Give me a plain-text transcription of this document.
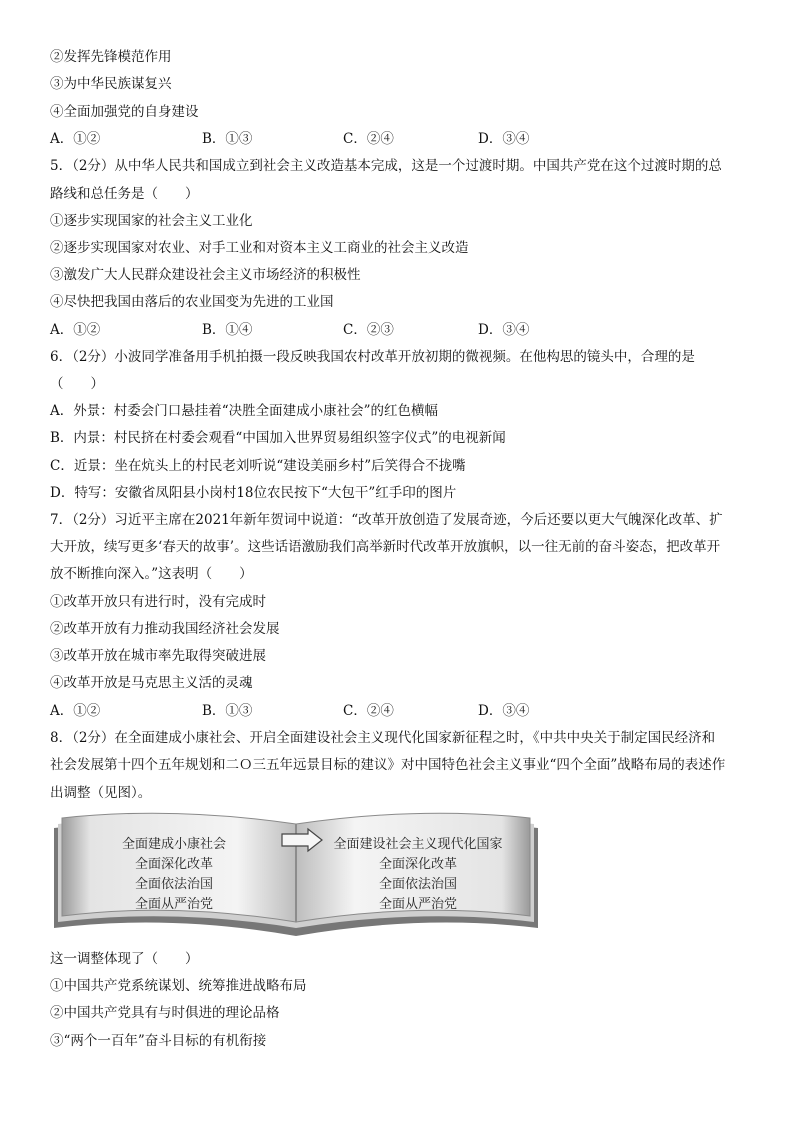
②发挥先锋模范作用
③为中华民族谋复兴
④全面加强党的自身建设
A．①②	B．①③	C．②④	D．③④
5．（2分）从中华人民共和国成立到社会主义改造基本完成，这是一个过渡时期。中国共产党在这个过渡时期的总
路线和总任务是（　　）
①逐步实现国家的社会主义工业化
②逐步实现国家对农业、对手工业和对资本主义工商业的社会主义改造
③激发广大人民群众建设社会主义市场经济的积极性
④尽快把我国由落后的农业国变为先进的工业国
A．①②	B．①④	C．②③	D．③④
6．（2分）小波同学准备用手机拍摄一段反映我国农村改革开放初期的微视频。在他构思的镜头中，合理的是
（　　）
A．外景：村委会门口悬挂着“决胜全面建成小康社会”的红色横幅
B．内景：村民挤在村委会观看“中国加入世界贸易组织签字仪式”的电视新闻
C．近景：坐在炕头上的村民老刘听说“建设美丽乡村”后笑得合不拢嘴
D．特写：安徽省凤阳县小岗村18位农民按下“大包干”红手印的图片
7．（2分）习近平主席在2021年新年贺词中说道：“改革开放创造了发展奇迹，今后还要以更大气魄深化改革、扩
大开放，续写更多‘春天的故事’。这些话语激励我们高举新时代改革开放旗帜，以一往无前的奋斗姿态，把改革开
放不断推向深入。”这表明（　　）
①改革开放只有进行时，没有完成时
②改革开放有力推动我国经济社会发展
③改革开放在城市率先取得突破进展
④改革开放是马克思主义活的灵魂
A．①②	B．①③	C．②④	D．③④
8．（2分）在全面建成小康社会、开启全面建设社会主义现代化国家新征程之时，《中共中央关于制定国民经济和
社会发展第十四个五年规划和二Ｏ三五年远景目标的建议》对中国特色社会主义事业“四个全面”战略布局的表述作
出调整（见图）。
全面建成小康社会
全面深化改革
全面依法治国
全面从严治党
全面建设社会主义现代化国家
全面深化改革
全面依法治国
全面从严治党
这一调整体现了（　　）
①中国共产党系统谋划、统筹推进战略布局
②中国共产党具有与时俱进的理论品格
③“两个一百年”奋斗目标的有机衔接
